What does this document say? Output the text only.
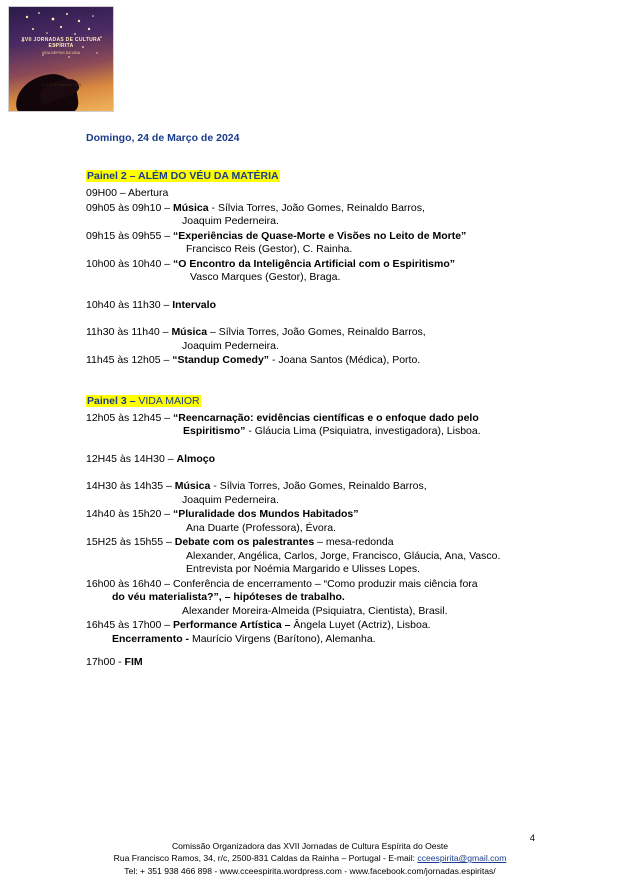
XVII JORNADAS DE CULTURA ESPÍRITA
VIDA DEPOIS DA VIDA
22 a 24 de Março de 2024
Domingo, 24 de Março de 2024
Painel 2 – ALÉM DO VÉU DA MATÉRIA
09H00 – Abertura
09h05 às 09h10 – Música - Sílvia Torres, João Gomes, Reinaldo Barros,
Joaquim Pederneira.
09h15 às 09h55 – “Experiências de Quase-Morte e Visões no Leito de Morte”
Francisco Reis (Gestor), C. Rainha.
10h00 às 10h40 – “O Encontro da Inteligência Artificial com o Espiritismo”
Vasco Marques (Gestor), Braga.
10h40 às 11h30 – Intervalo
11h30 às 11h40 – Música – Sílvia Torres, João Gomes, Reinaldo Barros,
Joaquim Pederneira.
11h45 às 12h05 – “Standup Comedy” - Joana Santos (Médica), Porto.
Painel 3 – VIDA MAIOR
12h05 às 12h45 – “Reencarnação: evidências científicas e o enfoque dado pelo
Espiritismo” - Gláucia Lima (Psiquiatra, investigadora), Lisboa.
12H45 às 14H30 – Almoço
14H30 às 14h35 – Música - Sílvia Torres, João Gomes, Reinaldo Barros,
Joaquim Pederneira.
14h40 às 15h20 – “Pluralidade dos Mundos Habitados”
Ana Duarte (Professora), Évora.
15H25 às 15h55 – Debate com os palestrantes – mesa-redonda
Alexander, Angélica, Carlos, Jorge, Francisco, Gláucia, Ana, Vasco.
Entrevista por Noémia Margarido e Ulisses Lopes.
16h00 às 16h40 – Conferência de encerramento – “Como produzir mais ciência fora
do véu materialista?”, – hipóteses de trabalho.
Alexander Moreira-Almeida (Psiquiatra, Cientista), Brasil.
16h45 às 17h00 – Performance Artística – Ângela Luyet (Actriz), Lisboa.
Encerramento - Maurício Virgens (Barítono), Alemanha.
17h00 - FIM
4
Comissão Organizadora das XVII Jornadas de Cultura Espírita do Oeste
Rua Francisco Ramos, 34, r/c, 2500-831 Caldas da Rainha – Portugal - E-mail: cceespirita@gmail.com
Tel: + 351 938 466 898 - www.cceespirita.wordpress.com - www.facebook.com/jornadas.espiritas/
